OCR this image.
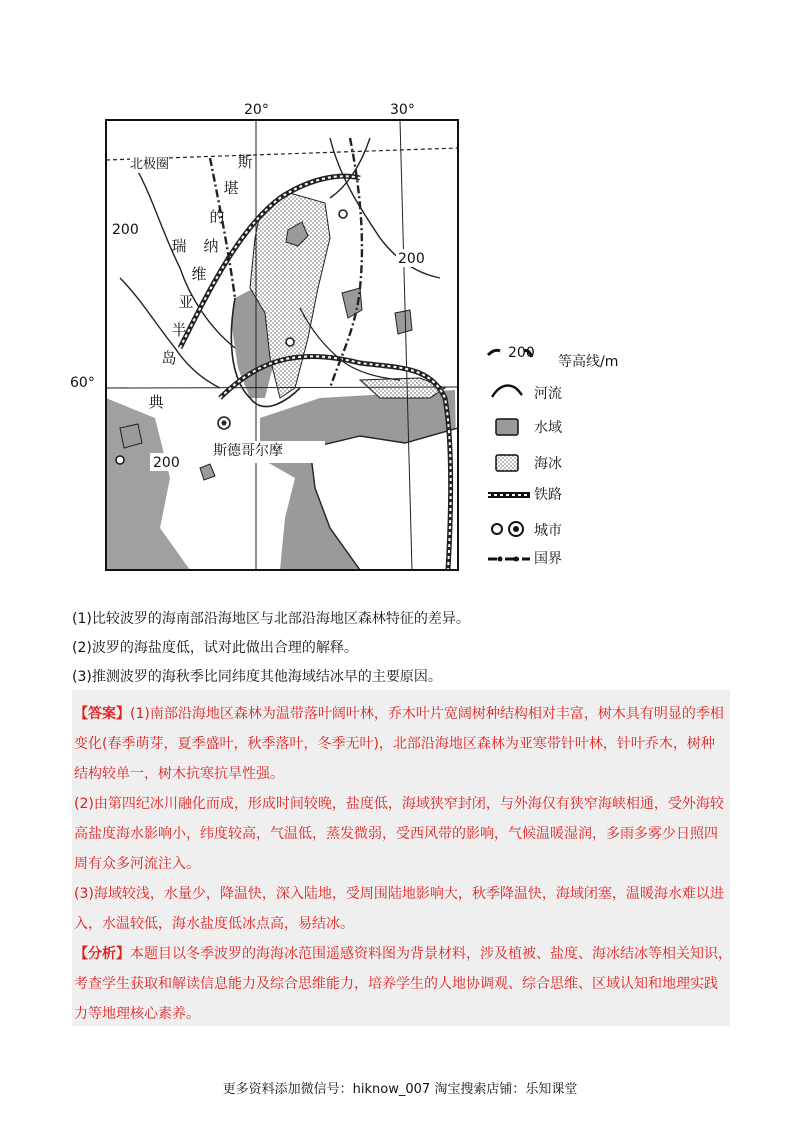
20°	30°
60°
北极圈
200
200
200
斯德哥尔摩
斯
堪
的
纳
维
亚
半
岛
瑞
典
200
等高线/m
河流
水域
海冰
铁路
城市
国界
(1)比较波罗的海南部沿海地区与北部沿海地区森林特征的差异。
(2)波罗的海盐度低，试对此做出合理的解释。
(3)推测波罗的海秋季比同纬度其他海域结冰早的主要原因。
【答案】(1)南部沿海地区森林为温带落叶阔叶林，乔木叶片宽阔树种结构相对丰富，树木具有明显的季相
变化(春季萌芽，夏季盛叶，秋季落叶，冬季无叶)，北部沿海地区森林为亚寒带针叶林，针叶乔木，树种
结构较单一，树木抗寒抗旱性强。
(2)由第四纪冰川融化而成，形成时间较晚，盐度低，海域狭窄封闭，与外海仅有狭窄海峡相通，受外海较
高盐度海水影响小，纬度较高，气温低，蒸发微弱，受西风带的影响，气候温暖湿润，多雨多雾少日照四
周有众多河流注入。
(3)海域较浅，水量少，降温快，深入陆地，受周围陆地影响大，秋季降温快，海域闭塞，温暖海水难以进
入，水温较低，海水盐度低冰点高，易结冰。
【分析】本题目以冬季波罗的海海冰范围遥感资料图为背景材料，涉及植被、盐度、海冰结冰等相关知识，
考查学生获取和解读信息能力及综合思维能力，培养学生的人地协调观、综合思维、区域认知和地理实践
力等地理核心素养。
更多资料添加微信号：hiknow_007 淘宝搜索店铺：乐知课堂
